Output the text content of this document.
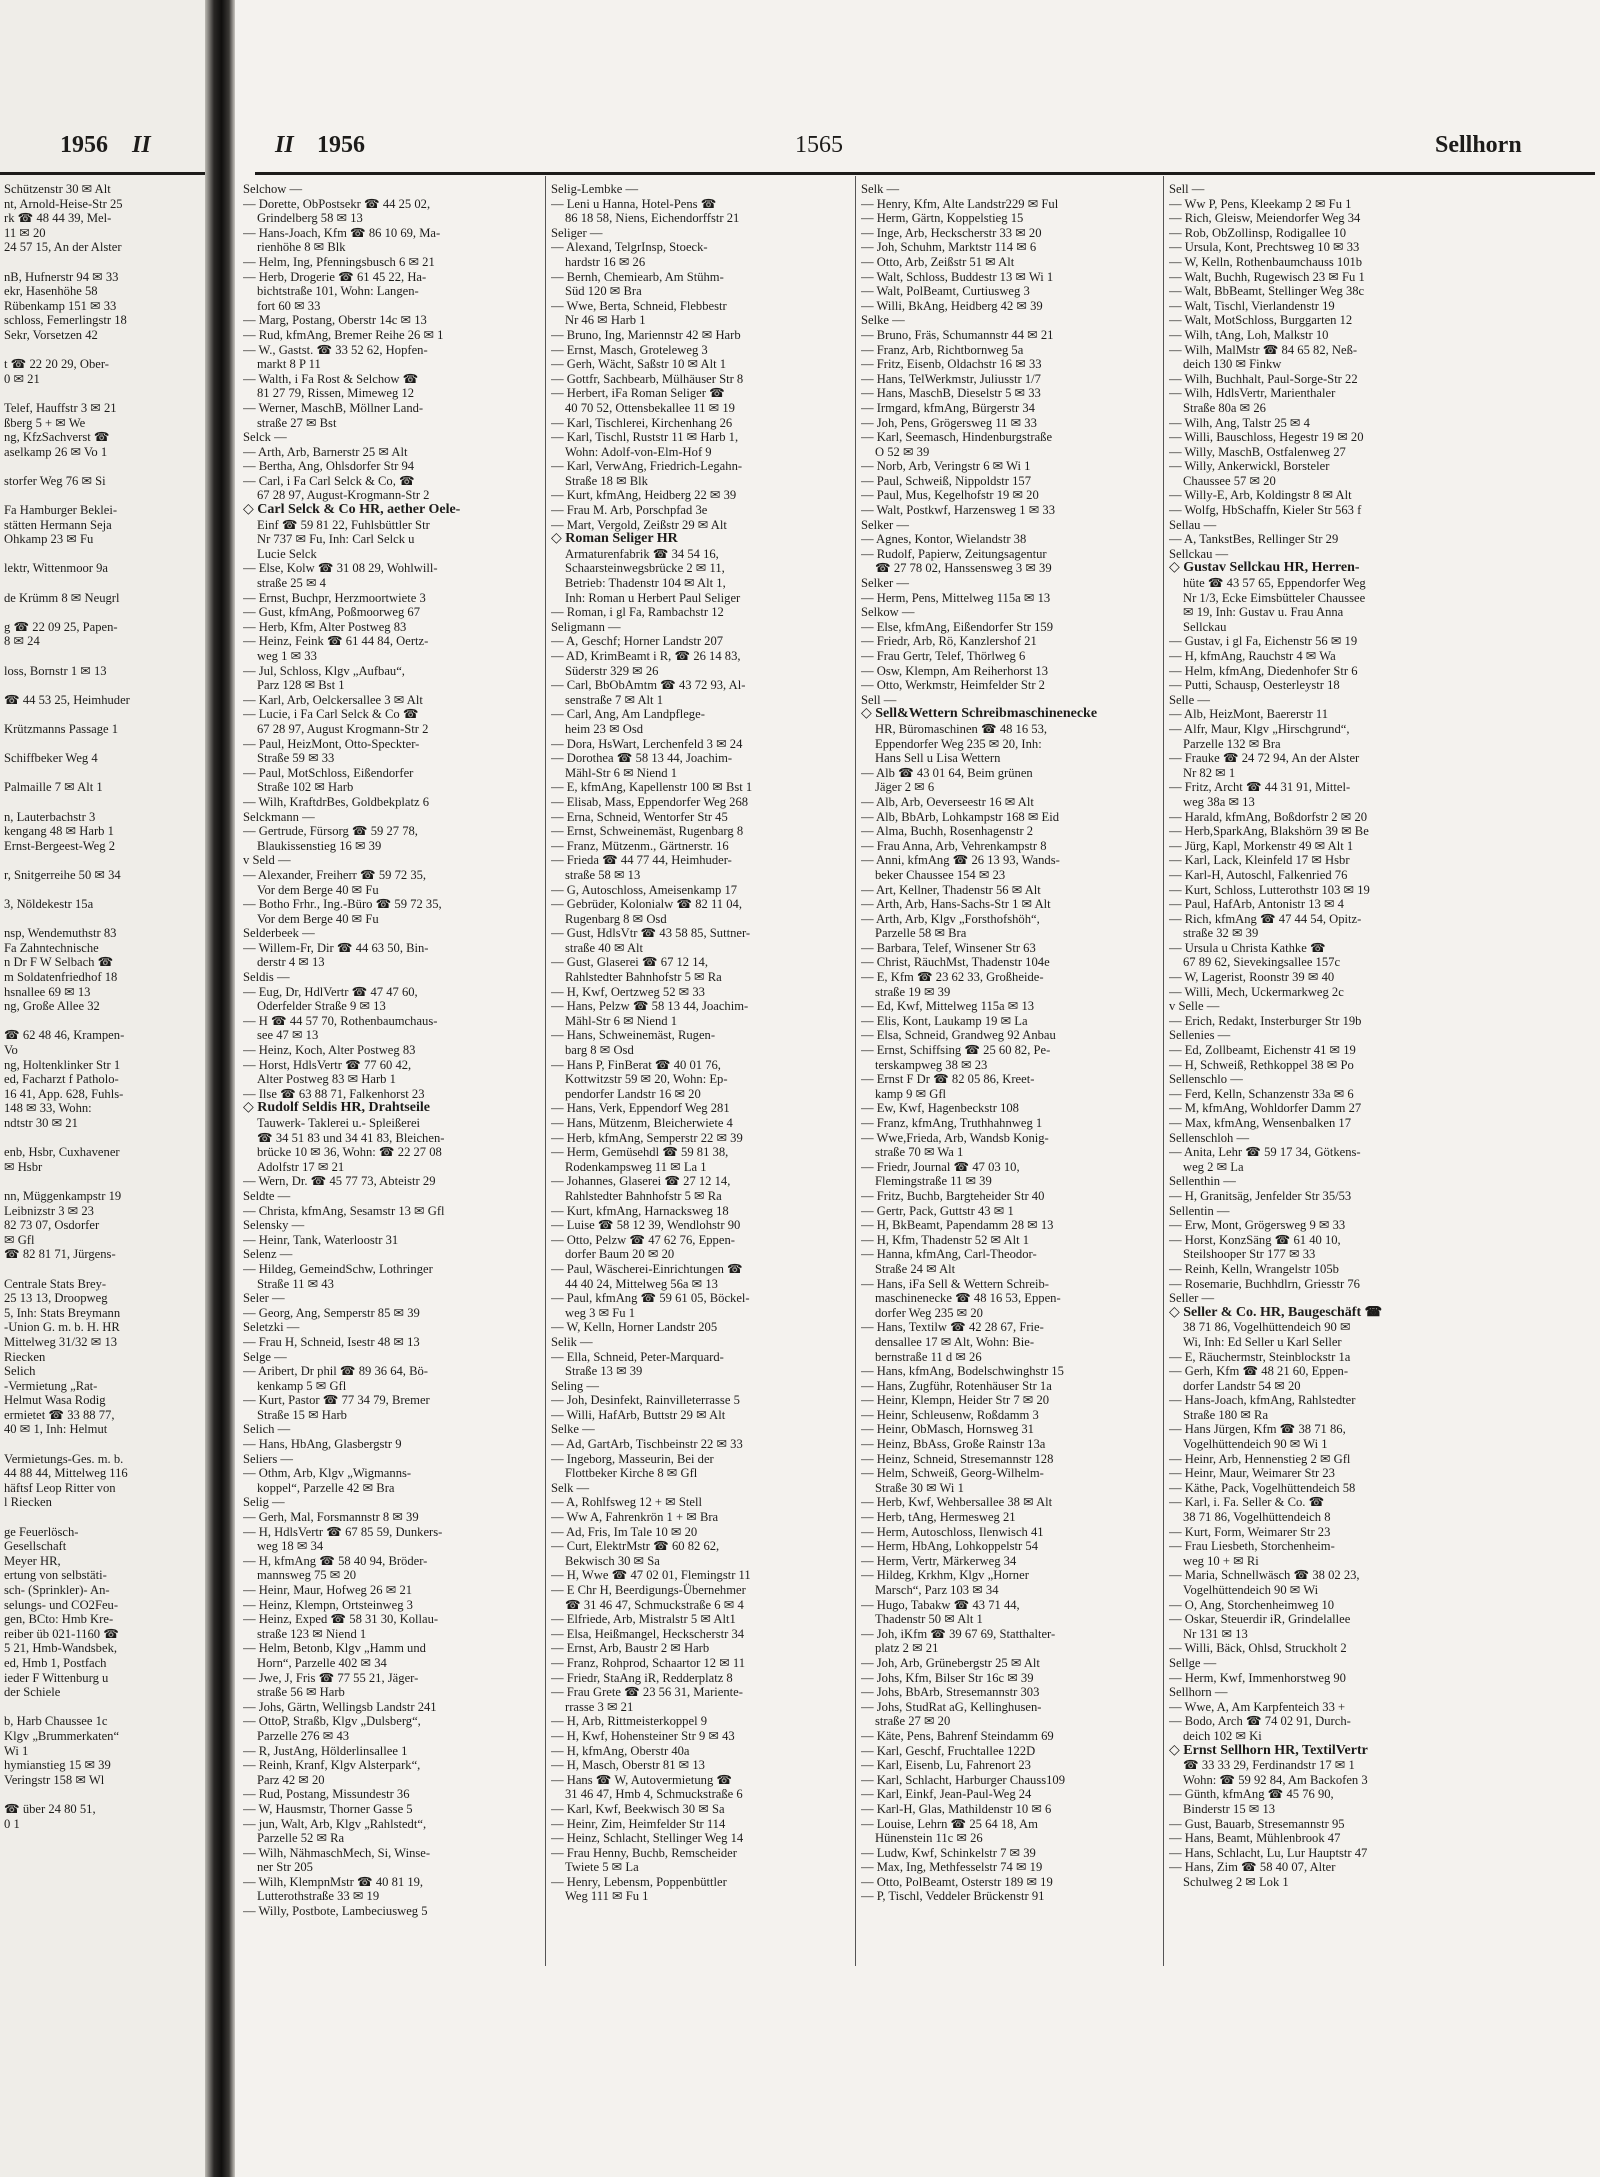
1956 II
Schützenstr 30 ✉ Alt
nt, Arnold-Heise-Str 25
rk ☎ 48 44 39, Mel-
11 ✉ 20
24 57 15, An der Alster

nB, Hufnerstr 94 ✉ 33
ekr, Hasenhöhe 58
Rübenkamp 151 ✉ 33
schloss, Femerlingstr 18
Sekr, Vorsetzen 42

t ☎ 22 20 29, Ober-
0 ✉ 21

Telef, Hauffstr 3 ✉ 21
ßberg 5 + ✉ We
ng, KfzSachverst ☎
aselkamp 26 ✉ Vo 1

storfer Weg 76 ✉ Si

Fa Hamburger Beklei-
stätten Hermann Seja
Ohkamp 23 ✉ Fu

lektr, Wittenmoor 9a

de Krümm 8 ✉ Neugrl

g ☎ 22 09 25, Papen-
8 ✉ 24

loss, Bornstr 1 ✉ 13

☎ 44 53 25, Heimhuder

Krützmanns Passage 1

Schiffbeker Weg 4

Palmaille 7 ✉ Alt 1

n, Lauterbachstr 3
kengang 48 ✉ Harb 1
Ernst-Bergeest-Weg 2

r, Snitgerreihe 50 ✉ 34

3, Nöldekestr 15a

nsp, Wendemuthstr 83
Fa Zahntechnische
n Dr F W Selbach ☎
m Soldatenfriedhof 18
hsnallee 69 ✉ 13
ng, Große Allee 32

☎ 62 48 46, Krampen-
Vo
ng, Holtenklinker Str 1
ed, Facharzt f Patholo-
16 41, App. 628, Fuhls-
148 ✉ 33, Wohn:
ndtstr 30 ✉ 21

enb, Hsbr, Cuxhavener
✉ Hsbr

nn, Müggenkampstr 19
Leibnizstr 3 ✉ 23
82 73 07, Osdorfer
✉ Gfl
☎ 82 81 71, Jürgens-

Centrale Stats Brey-
25 13 13, Droopweg
5, Inh: Stats Breymann
-Union G. m. b. H. HR
Mittelweg 31/32 ✉ 13
Riecken
Selich
-Vermietung „Rat-
Helmut Wasa Rodig
ermietet ☎ 33 88 77,
40 ✉ 1, Inh: Helmut

Vermietungs-Ges. m. b.
44 88 44, Mittelweg 116
häftsf Leop Ritter von
l Riecken

ge Feuerlösch-
Gesellschaft
Meyer HR,
ertung von selbstäti-
sch- (Sprinkler)- An-
selungs- und CO2Feu-
gen, BCto: Hmb Kre-
reiber üb 021-1160 ☎
5 21, Hmb-Wandsbek,
ed, Hmb 1, Postfach
ieder F Wittenburg u
der Schiele

b, Harb Chaussee 1c
Klgv „Brummerkaten“
Wi 1
hymianstieg 15 ✉ 39
Veringstr 158 ✉ Wl

☎ über 24 80 51,
0 1
II 1956	1565	Sellhorn
Selchow —
— Dorette, ObPostsekr ☎ 44 25 02,
Grindelberg 58 ✉ 13
— Hans-Joach, Kfm ☎ 86 10 69, Ma-
rienhöhe 8 ✉ Blk
— Helm, Ing, Pfenningsbusch 6 ✉ 21
— Herb, Drogerie ☎ 61 45 22, Ha-
bichtstraße 101, Wohn: Langen-
fort 60 ✉ 33
— Marg, Postang, Oberstr 14c ✉ 13
— Rud, kfmAng, Bremer Reihe 26 ✉ 1
— W., Gastst. ☎ 33 52 62, Hopfen-
markt 8 P 11
— Walth, i Fa Rost & Selchow ☎
81 27 79, Rissen, Mimeweg 12
— Werner, MaschB, Möllner Land-
straße 27 ✉ Bst
Selck —
— Arth, Arb, Barnerstr 25 ✉ Alt
— Bertha, Ang, Ohlsdorfer Str 94
— Carl, i Fa Carl Selck & Co, ☎
67 28 97, August-Krogmann-Str 2
◇ Carl Selck & Co HR, aether Oele-
Einf ☎ 59 81 22, Fuhlsbüttler Str
Nr 737 ✉ Fu, Inh: Carl Selck u
Lucie Selck
— Else, Kolw ☎ 31 08 29, Wohlwill-
straße 25 ✉ 4
— Ernst, Buchpr, Herzmoortwiete 3
— Gust, kfmAng, Poßmoorweg 67
— Herb, Kfm, Alter Postweg 83
— Heinz, Feink ☎ 61 44 84, Oertz-
weg 1 ✉ 33
— Jul, Schloss, Klgv „Aufbau“,
Parz 128 ✉ Bst 1
— Karl, Arb, Oelckersallee 3 ✉ Alt
— Lucie, i Fa Carl Selck & Co ☎
67 28 97, August Krogmann-Str 2
— Paul, HeizMont, Otto-Speckter-
Straße 59 ✉ 33
— Paul, MotSchloss, Eißendorfer
Straße 102 ✉ Harb
— Wilh, KraftdrBes, Goldbekplatz 6
Selckmann —
— Gertrude, Fürsorg ☎ 59 27 78,
Blaukissenstieg 16 ✉ 39
v Seld —
— Alexander, Freiherr ☎ 59 72 35,
Vor dem Berge 40 ✉ Fu
— Botho Frhr., Ing.-Büro ☎ 59 72 35,
Vor dem Berge 40 ✉ Fu
Selderbeek —
— Willem-Fr, Dir ☎ 44 63 50, Bin-
derstr 4 ✉ 13
Seldis —
— Eug, Dr, HdlVertr ☎ 47 47 60,
Oderfelder Straße 9 ✉ 13
— H ☎ 44 57 70, Rothenbaumchaus-
see 47 ✉ 13
— Heinz, Koch, Alter Postweg 83
— Horst, HdlsVertr ☎ 77 60 42,
Alter Postweg 83 ✉ Harb 1
— Ilse ☎ 63 88 71, Falkenhorst 23
◇ Rudolf Seldis HR, Drahtseile
Tauwerk- Taklerei u.- Spleißerei
☎ 34 51 83 und 34 41 83, Bleichen-
brücke 10 ✉ 36, Wohn: ☎ 22 27 08
Adolfstr 17 ✉ 21
— Wern, Dr. ☎ 45 77 73, Abteistr 29
Seldte —
— Christa, kfmAng, Sesamstr 13 ✉ Gfl
Selensky —
— Heinr, Tank, Waterloostr 31
Selenz —
— Hildeg, GemeindSchw, Lothringer
Straße 11 ✉ 43
Seler —
— Georg, Ang, Semperstr 85 ✉ 39
Seletzki —
— Frau H, Schneid, Isestr 48 ✉ 13
Selge —
— Aribert, Dr phil ☎ 89 36 64, Bö-
kenkamp 5 ✉ Gfl
— Kurt, Pastor ☎ 77 34 79, Bremer
Straße 15 ✉ Harb
Selich —
— Hans, HbAng, Glasbergstr 9
Seliers —
— Othm, Arb, Klgv „Wigmanns-
koppel“, Parzelle 42 ✉ Bra
Selig —
— Gerh, Mal, Forsmannstr 8 ✉ 39
— H, HdlsVertr ☎ 67 85 59, Dunkers-
weg 18 ✉ 34
— H, kfmAng ☎ 58 40 94, Bröder-
mannsweg 75 ✉ 20
— Heinr, Maur, Hofweg 26 ✉ 21
— Heinz, Klempn, Ortsteinweg 3
— Heinz, Exped ☎ 58 31 30, Kollau-
straße 123 ✉ Niend 1
— Helm, Betonb, Klgv „Hamm und
Horn“, Parzelle 402 ✉ 34
— Jwe, J, Fris ☎ 77 55 21, Jäger-
straße 56 ✉ Harb
— Johs, Gärtn, Wellingsb Landstr 241
— OttoP, Straßb, Klgv „Dulsberg“,
Parzelle 276 ✉ 43
— R, JustAng, Hölderlinsallee 1
— Reinh, Kranf, Klgv Alsterpark“,
Parz 42 ✉ 20
— Rud, Postang, Missundestr 36
— W, Hausmstr, Thorner Gasse 5
— jun, Walt, Arb, Klgv „Rahlstedt“,
Parzelle 52 ✉ Ra
— Wilh, NähmaschMech, Si, Winse-
ner Str 205
— Wilh, KlempnMstr ☎ 40 81 19,
Lutterothstraße 33 ✉ 19
— Willy, Postbote, Lambeciusweg 5
Selig-Lembke —
— Leni u Hanna, Hotel-Pens ☎
86 18 58, Niens, Eichendorffstr 21
Seliger —
— Alexand, TelgrInsp, Stoeck-
hardstr 16 ✉ 26
— Bernh, Chemiearb, Am Stühm-
Süd 120 ✉ Bra
— Wwe, Berta, Schneid, Flebbestr
Nr 46 ✉ Harb 1
— Bruno, Ing, Mariennstr 42 ✉ Harb
— Ernst, Masch, Groteleweg 3
— Gerh, Wächt, Saßstr 10 ✉ Alt 1
— Gottfr, Sachbearb, Mülhäuser Str 8
— Herbert, iFa Roman Seliger ☎
40 70 52, Ottensbekallee 11 ✉ 19
— Karl, Tischlerei, Kirchenhang 26
— Karl, Tischl, Ruststr 11 ✉ Harb 1,
Wohn: Adolf-von-Elm-Hof 9
— Karl, VerwAng, Friedrich-Legahn-
Straße 18 ✉ Blk
— Kurt, kfmAng, Heidberg 22 ✉ 39
— Frau M. Arb, Porschpfad 3e
— Mart, Vergold, Zeißstr 29 ✉ Alt
◇ Roman Seliger HR
Armaturenfabrik ☎ 34 54 16,
Schaarsteinwegsbrücke 2 ✉ 11,
Betrieb: Thadenstr 104 ✉ Alt 1,
Inh: Roman u Herbert Paul Seliger
— Roman, i gl Fa, Rambachstr 12
Seligmann —
— A, Geschf; Horner Landstr 207
— AD, KrimBeamt i R, ☎ 26 14 83,
Süderstr 329 ✉ 26
— Carl, BbObAmtm ☎ 43 72 93, Al-
senstraße 7 ✉ Alt 1
— Carl, Ang, Am Landpflege-
heim 23 ✉ Osd
— Dora, HsWart, Lerchenfeld 3 ✉ 24
— Dorothea ☎ 58 13 44, Joachim-
Mähl-Str 6 ✉ Niend 1
— E, kfmAng, Kapellenstr 100 ✉ Bst 1
— Elisab, Mass, Eppendorfer Weg 268
— Erna, Schneid, Wentorfer Str 45
— Ernst, Schweinemäst, Rugenbarg 8
— Franz, Mützenm., Gärtnerstr. 16
— Frieda ☎ 44 77 44, Heimhuder-
straße 58 ✉ 13
— G, Autoschloss, Ameisenkamp 17
— Gebrüder, Kolonialw ☎ 82 11 04,
Rugenbarg 8 ✉ Osd
— Gust, HdlsVtr ☎ 43 58 85, Suttner-
straße 40 ✉ Alt
— Gust, Glaserei ☎ 67 12 14,
Rahlstedter Bahnhofstr 5 ✉ Ra
— H, Kwf, Oertzweg 52 ✉ 33
— Hans, Pelzw ☎ 58 13 44, Joachim-
Mähl-Str 6 ✉ Niend 1
— Hans, Schweinemäst, Rugen-
barg 8 ✉ Osd
— Hans P, FinBerat ☎ 40 01 76,
Kottwitzstr 59 ✉ 20, Wohn: Ep-
pendorfer Landstr 16 ✉ 20
— Hans, Verk, Eppendorf Weg 281
— Hans, Mützenm, Bleicherwiete 4
— Herb, kfmAng, Semperstr 22 ✉ 39
— Herm, Gemüsehdl ☎ 59 81 38,
Rodenkampsweg 11 ✉ La 1
— Johannes, Glaserei ☎ 27 12 14,
Rahlstedter Bahnhofstr 5 ✉ Ra
— Kurt, kfmAng, Harnacksweg 18
— Luise ☎ 58 12 39, Wendlohstr 90
— Otto, Pelzw ☎ 47 62 76, Eppen-
dorfer Baum 20 ✉ 20
— Paul, Wäscherei-Einrichtungen ☎
44 40 24, Mittelweg 56a ✉ 13
— Paul, kfmAng ☎ 59 61 05, Böckel-
weg 3 ✉ Fu 1
— W, Kelln, Horner Landstr 205
Selik —
— Ella, Schneid, Peter-Marquard-
Straße 13 ✉ 39
Seling —
— Joh, Desinfekt, Rainvilleterrasse 5
— Willi, HafArb, Buttstr 29 ✉ Alt
Selke —
— Ad, GartArb, Tischbeinstr 22 ✉ 33
— Ingeborg, Masseurin, Bei der
Flottbeker Kirche 8 ✉ Gfl
Selk —
— A, Rohlfsweg 12 + ✉ Stell
— Ww A, Fahrenkrön 1 + ✉ Bra
— Ad, Fris, Im Tale 10 ✉ 20
— Curt, ElektrMstr ☎ 60 82 62,
Bekwisch 30 ✉ Sa
— H, Wwe ☎ 47 02 01, Flemingstr 11
— E Chr H, Beerdigungs-Übernehmer
☎ 31 46 47, Schmuckstraße 6 ✉ 4
— Elfriede, Arb, Mistralstr 5 ✉ Alt1
— Elsa, Heißmangel, Heckscherstr 34
— Ernst, Arb, Baustr 2 ✉ Harb
— Franz, Rohprod, Schaartor 12 ✉ 11
— Friedr, StaAng iR, Redderplatz 8
— Frau Grete ☎ 23 56 31, Mariente-
rrasse 3 ✉ 21
— H, Arb, Rittmeisterkoppel 9
— H, Kwf, Hohensteiner Str 9 ✉ 43
— H, kfmAng, Oberstr 40a
— H, Masch, Oberstr 81 ✉ 13
— Hans ☎ W, Autovermietung ☎
31 46 47, Hmb 4, Schmuckstraße 6
— Karl, Kwf, Beekwisch 30 ✉ Sa
— Heinr, Zim, Heimfelder Str 114
— Heinz, Schlacht, Stellinger Weg 14
— Frau Henny, Buchb, Remscheider
Twiete 5 ✉ La
— Henry, Lebensm, Poppenbüttler
Weg 111 ✉ Fu 1
Selk —
— Henry, Kfm, Alte Landstr229 ✉ Ful
— Herm, Gärtn, Koppelstieg 15
— Inge, Arb, Heckscherstr 33 ✉ 20
— Joh, Schuhm, Marktstr 114 ✉ 6
— Otto, Arb, Zeißstr 51 ✉ Alt
— Walt, Schloss, Buddestr 13 ✉ Wi 1
— Walt, PolBeamt, Curtiusweg 3
— Willi, BkAng, Heidberg 42 ✉ 39
Selke —
— Bruno, Fräs, Schumannstr 44 ✉ 21
— Franz, Arb, Richtbornweg 5a
— Fritz, Eisenb, Oldachstr 16 ✉ 33
— Hans, TelWerkmstr, Juliusstr 1/7
— Hans, MaschB, Dieselstr 5 ✉ 33
— Irmgard, kfmAng, Bürgerstr 34
— Joh, Pens, Grögersweg 11 ✉ 33
— Karl, Seemasch, Hindenburgstraße
O 52 ✉ 39
— Norb, Arb, Veringstr 6 ✉ Wi 1
— Paul, Schweiß, Nippoldstr 157
— Paul, Mus, Kegelhofstr 19 ✉ 20
— Walt, Postkwf, Harzensweg 1 ✉ 33
Selker —
— Agnes, Kontor, Wielandstr 38
— Rudolf, Papierw, Zeitungsagentur
☎ 27 78 02, Hanssensweg 3 ✉ 39
Selker —
— Herm, Pens, Mittelweg 115a ✉ 13
Selkow —
— Else, kfmAng, Eißendorfer Str 159
— Friedr, Arb, Rö, Kanzlershof 21
— Frau Gertr, Telef, Thörlweg 6
— Osw, Klempn, Am Reiherhorst 13
— Otto, Werkmstr, Heimfelder Str 2
Sell —
◇ Sell&Wettern Schreibmaschinenecke
HR, Büromaschinen ☎ 48 16 53,
Eppendorfer Weg 235 ✉ 20, Inh:
Hans Sell u Lisa Wettern
— Alb ☎ 43 01 64, Beim grünen
Jäger 2 ✉ 6
— Alb, Arb, Oeverseestr 16 ✉ Alt
— Alb, BbArb, Lohkampstr 168 ✉ Eid
— Alma, Buchh, Rosenhagenstr 2
— Frau Anna, Arb, Vehrenkampstr 8
— Anni, kfmAng ☎ 26 13 93, Wands-
beker Chaussee 154 ✉ 23
— Art, Kellner, Thadenstr 56 ✉ Alt
— Arth, Arb, Hans-Sachs-Str 1 ✉ Alt
— Arth, Arb, Klgv „Forsthofshöh“,
Parzelle 58 ✉ Bra
— Barbara, Telef, Winsener Str 63
— Christ, RäuchMst, Thadenstr 104e
— E, Kfm ☎ 23 62 33, Großheide-
straße 19 ✉ 39
— Ed, Kwf, Mittelweg 115a ✉ 13
— Elis, Kont, Laukamp 19 ✉ La
— Elsa, Schneid, Grandweg 92 Anbau
— Ernst, Schiffsing ☎ 25 60 82, Pe-
terskampweg 38 ✉ 23
— Ernst F Dr ☎ 82 05 86, Kreet-
kamp 9 ✉ Gfl
— Ew, Kwf, Hagenbeckstr 108
— Franz, kfmAng, Truthhahnweg 1
— Wwe,Frieda, Arb, Wandsb Konig-
straße 70 ✉ Wa 1
— Friedr, Journal ☎ 47 03 10,
Flemingstraße 11 ✉ 39
— Fritz, Buchb, Bargteheider Str 40
— Gertr, Pack, Guttstr 43 ✉ 1
— H, BkBeamt, Papendamm 28 ✉ 13
— H, Kfm, Thadenstr 52 ✉ Alt 1
— Hanna, kfmAng, Carl-Theodor-
Straße 24 ✉ Alt
— Hans, iFa Sell & Wettern Schreib-
maschinenecke ☎ 48 16 53, Eppen-
dorfer Weg 235 ✉ 20
— Hans, Textilw ☎ 42 28 67, Frie-
densallee 17 ✉ Alt, Wohn: Bie-
bernstraße 11 d ✉ 26
— Hans, kfmAng, Bodelschwinghstr 15
— Hans, Zugführ, Rotenhäuser Str 1a
— Heinr, Klempn, Heider Str 7 ✉ 20
— Heinr, Schleusenw, Roßdamm 3
— Heinr, ObMasch, Hornsweg 31
— Heinz, BbAss, Große Rainstr 13a
— Heinz, Schneid, Stresemannstr 128
— Helm, Schweiß, Georg-Wilhelm-
Straße 30 ✉ Wi 1
— Herb, Kwf, Wehbersallee 38 ✉ Alt
— Herb, tAng, Hermesweg 21
— Herm, Autoschloss, Ilenwisch 41
— Herm, HbAng, Lohkoppelstr 54
— Herm, Vertr, Märkerweg 34
— Hildeg, Krkhm, Klgv „Horner
Marsch“, Parz 103 ✉ 34
— Hugo, Tabakw ☎ 43 71 44,
Thadenstr 50 ✉ Alt 1
— Joh, iKfm ☎ 39 67 69, Statthalter-
platz 2 ✉ 21
— Joh, Arb, Grünebergstr 25 ✉ Alt
— Johs, Kfm, Bilser Str 16c ✉ 39
— Johs, BbArb, Stresemannstr 303
— Johs, StudRat aG, Kellinghusen-
straße 27 ✉ 20
— Käte, Pens, Bahrenf Steindamm 69
— Karl, Geschf, Fruchtallee 122D
— Karl, Eisenb, Lu, Fahrenort 23
— Karl, Schlacht, Harburger Chauss109
— Karl, Einkf, Jean-Paul-Weg 24
— Karl-H, Glas, Mathildenstr 10 ✉ 6
— Louise, Lehrn ☎ 25 64 18, Am
Hünenstein 11c ✉ 26
— Ludw, Kwf, Schinkelstr 7 ✉ 39
— Max, Ing, Methfesselstr 74 ✉ 19
— Otto, PolBeamt, Osterstr 189 ✉ 19
— P, Tischl, Veddeler Brückenstr 91
Sell —
— Ww P, Pens, Kleekamp 2 ✉ Fu 1
— Rich, Gleisw, Meiendorfer Weg 34
— Rob, ObZollinsp, Rodigallee 10
— Ursula, Kont, Prechtsweg 10 ✉ 33
— W, Kelln, Rothenbaumchauss 101b
— Walt, Buchh, Rugewisch 23 ✉ Fu 1
— Walt, BbBeamt, Stellinger Weg 38c
— Walt, Tischl, Vierlandenstr 19
— Walt, MotSchloss, Burggarten 12
— Wilh, tAng, Loh, Malkstr 10
— Wilh, MalMstr ☎ 84 65 82, Neß-
deich 130 ✉ Finkw
— Wilh, Buchhalt, Paul-Sorge-Str 22
— Wilh, HdlsVertr, Marienthaler
Straße 80a ✉ 26
— Wilh, Ang, Talstr 25 ✉ 4
— Willi, Bauschloss, Hegestr 19 ✉ 20
— Willy, MaschB, Ostfalenweg 27
— Willy, Ankerwickl, Borsteler
Chaussee 57 ✉ 20
— Willy-E, Arb, Koldingstr 8 ✉ Alt
— Wolfg, HbSchaffn, Kieler Str 563 f
Sellau —
— A, TankstBes, Rellinger Str 29
Sellckau —
◇ Gustav Sellckau HR, Herren-
hüte ☎ 43 57 65, Eppendorfer Weg
Nr 1/3, Ecke Eimsbütteler Chaussee
✉ 19, Inh: Gustav u. Frau Anna
Sellckau
— Gustav, i gl Fa, Eichenstr 56 ✉ 19
— H, kfmAng, Rauchstr 4 ✉ Wa
— Helm, kfmAng, Diedenhofer Str 6
— Putti, Schausp, Oesterleystr 18
Selle —
— Alb, HeizMont, Baererstr 11
— Alfr, Maur, Klgv „Hirschgrund“,
Parzelle 132 ✉ Bra
— Frauke ☎ 24 72 94, An der Alster
Nr 82 ✉ 1
— Fritz, Archt ☎ 44 31 91, Mittel-
weg 38a ✉ 13
— Harald, kfmAng, Boßdorfstr 2 ✉ 20
— Herb,SparkAng, Blakshörn 39 ✉ Be
— Jürg, Kapl, Morkenstr 49 ✉ Alt 1
— Karl, Lack, Kleinfeld 17 ✉ Hsbr
— Karl-H, Autoschl, Falkenried 76
— Kurt, Schloss, Lutterothstr 103 ✉ 19
— Paul, HafArb, Antonistr 13 ✉ 4
— Rich, kfmAng ☎ 47 44 54, Opitz-
straße 32 ✉ 39
— Ursula u Christa Kathke ☎
67 89 62, Sievekingsallee 157c
— W, Lagerist, Roonstr 39 ✉ 40
— Willi, Mech, Uckermarkweg 2c
v Selle —
— Erich, Redakt, Insterburger Str 19b
Sellenies —
— Ed, Zollbeamt, Eichenstr 41 ✉ 19
— H, Schweiß, Rethkoppel 38 ✉ Po
Sellenschlo —
— Ferd, Kelln, Schanzenstr 33a ✉ 6
— M, kfmAng, Wohldorfer Damm 27
— Max, kfmAng, Wensenbalken 17
Sellenschloh —
— Anita, Lehr ☎ 59 17 34, Götkens-
weg 2 ✉ La
Sellenthin —
— H, Granitsäg, Jenfelder Str 35/53
Sellentin —
— Erw, Mont, Grögersweg 9 ✉ 33
— Horst, KonzSäng ☎ 61 40 10,
Steilshooper Str 177 ✉ 33
— Reinh, Kelln, Wrangelstr 105b
— Rosemarie, Buchhdlrn, Griesstr 76
Seller —
◇ Seller & Co. HR, Baugeschäft ☎
38 71 86, Vogelhüttendeich 90 ✉
Wi, Inh: Ed Seller u Karl Seller
— E, Räuchermstr, Steinblockstr 1a
— Gerh, Kfm ☎ 48 21 60, Eppen-
dorfer Landstr 54 ✉ 20
— Hans-Joach, kfmAng, Rahlstedter
Straße 180 ✉ Ra
— Hans Jürgen, Kfm ☎ 38 71 86,
Vogelhüttendeich 90 ✉ Wi 1
— Heinr, Arb, Hennenstieg 2 ✉ Gfl
— Heinr, Maur, Weimarer Str 23
— Käthe, Pack, Vogelhüttendeich 58
— Karl, i. Fa. Seller & Co. ☎
38 71 86, Vogelhüttendeich 8
— Kurt, Form, Weimarer Str 23
— Frau Liesbeth, Storchenheim-
weg 10 + ✉ Ri
— Maria, Schnellwäsch ☎ 38 02 23,
Vogelhüttendeich 90 ✉ Wi
— O, Ang, Storchenheimweg 10
— Oskar, Steuerdir iR, Grindelallee
Nr 131 ✉ 13
— Willi, Bäck, Ohlsd, Struckholt 2
Sellge —
— Herm, Kwf, Immenhorstweg 90
Sellhorn —
— Wwe, A, Am Karpfenteich 33 +
— Bodo, Arch ☎ 74 02 91, Durch-
deich 102 ✉ Ki
◇ Ernst Sellhorn HR, TextilVertr
☎ 33 33 29, Ferdinandstr 17 ✉ 1
Wohn: ☎ 59 92 84, Am Backofen 3
— Günth, kfmAng ☎ 45 76 90,
Binderstr 15 ✉ 13
— Gust, Bauarb, Stresemannstr 95
— Hans, Beamt, Mühlenbrook 47
— Hans, Schlacht, Lu, Lur Hauptstr 47
— Hans, Zim ☎ 58 40 07, Alter
Schulweg 2 ✉ Lok 1
